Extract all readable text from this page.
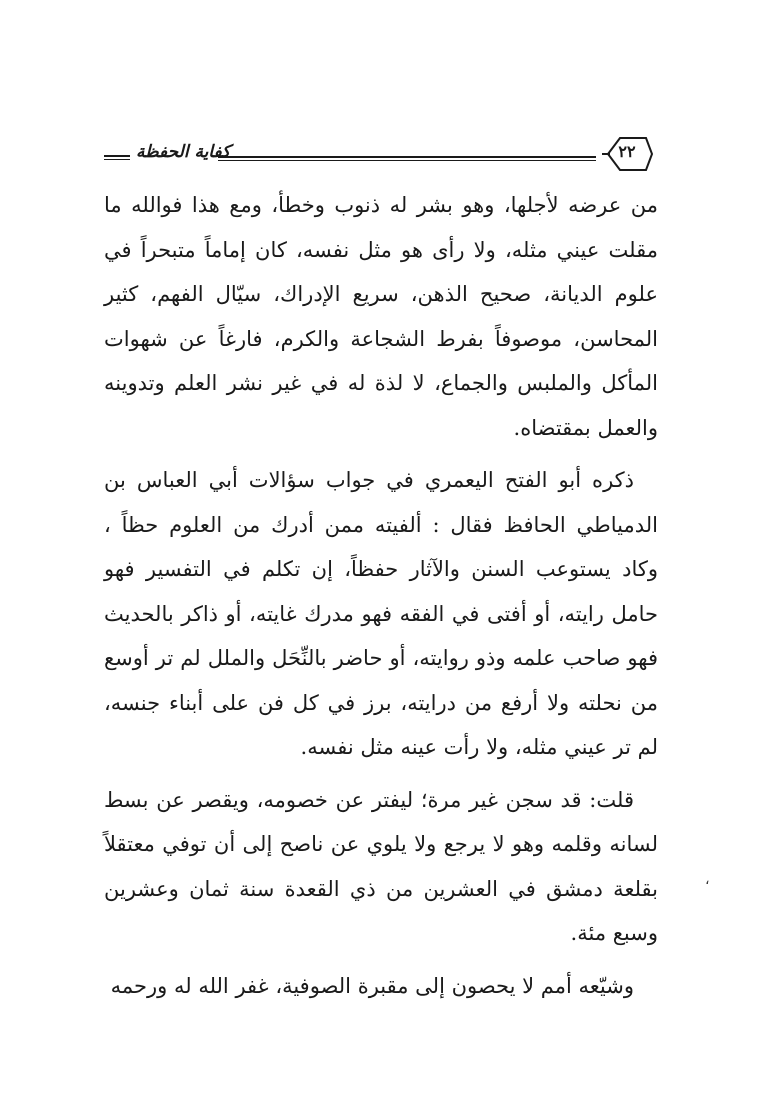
كفاية الحفظة	٢٢

من عرضه لأجلها، وهو بشر له ذنوب وخطأ، ومع هذا فوالله ما مقلت عيني مثله، ولا رأى هو مثل نفسه، كان إماماً متبحراً في علوم الديانة، صحيح الذهن، سريع الإدراك، سيّال الفهم، كثير المحاسن، موصوفاً بفرط الشجاعة والكرم، فارغاً عن شهوات المأكل والملبس والجماع، لا لذة له في غير نشر العلم وتدوينه والعمل بمقتضاه.

ذكره أبو الفتح اليعمري في جواب سؤالات أبي العباس بن الدمياطي الحافظ فقال : ألفيته ممن أدرك من العلوم حظاً ، وكاد يستوعب السنن والآثار حفظاً، إن تكلم في التفسير فهو حامل رايته، أو أفتى في الفقه فهو مدرك غايته، أو ذاكر بالحديث فهو صاحب علمه وذو روايته، أو حاضر بالنِّحَل والملل لم تر أوسع من نحلته ولا أرفع من درايته، برز في كل فن على أبناء جنسه، لم تر عيني مثله، ولا رأت عينه مثل نفسه.

قلت: قد سجن غير مرة؛ ليفتر عن خصومه، ويقصر عن بسط لسانه وقلمه وهو لا يرجع ولا يلوي عن ناصح إلى أن توفي معتقلاً بقلعة دمشق في العشرين من ذي القعدة سنة ثمان وعشرين وسبع مئة.

وشيّعه أمم لا يحصون إلى مقبرة الصوفية، غفر الله له ورحمه

،
